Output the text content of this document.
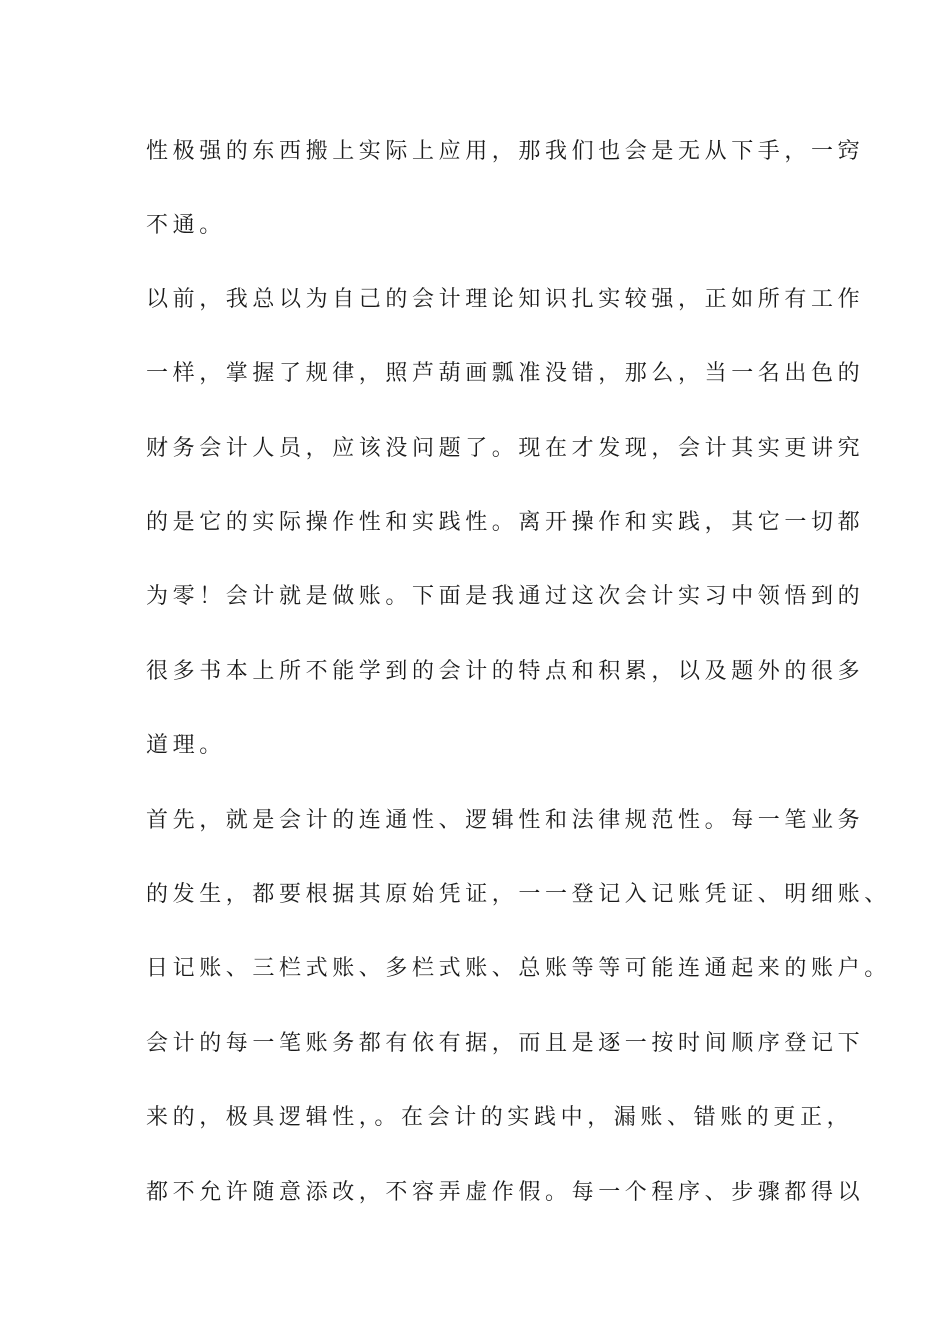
性极强的东西搬上实际上应用，那我们也会是无从下手，一窍
不通。
以前，我总以为自己的会计理论知识扎实较强，正如所有工作
一样，掌握了规律，照芦葫画瓢准没错，那么，当一名出色的
财务会计人员，应该没问题了。现在才发现，会计其实更讲究
的是它的实际操作性和实践性。离开操作和实践，其它一切都
为零！会计就是做账。下面是我通过这次会计实习中领悟到的
很多书本上所不能学到的会计的特点和积累，以及题外的很多
道理。
首先，就是会计的连通性、逻辑性和法律规范性。每一笔业务
的发生，都要根据其原始凭证，一一登记入记账凭证、明细账、
日记账、三栏式账、多栏式账、总账等等可能连通起来的账户。
会计的每一笔账务都有依有据，而且是逐一按时间顺序登记下
来的，极具逻辑性，。在会计的实践中，漏账、错账的更正，
都不允许随意添改，不容弄虚作假。每一个程序、步骤都得以
